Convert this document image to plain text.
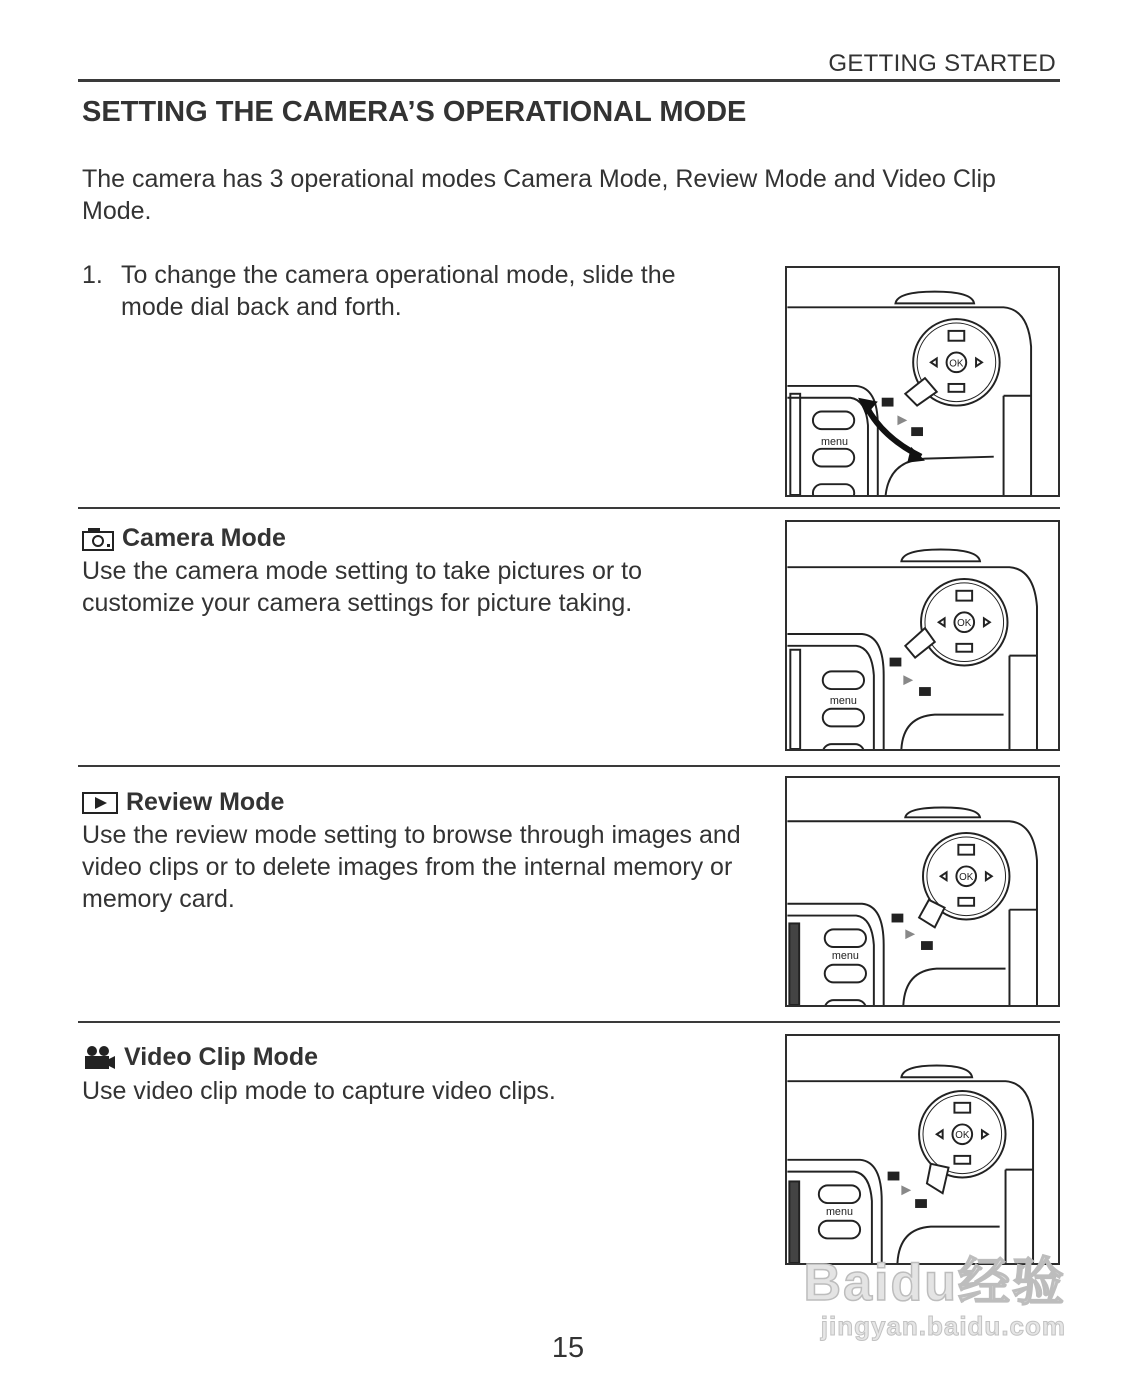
GETTING STARTED
SETTING THE CAMERA’S OPERATIONAL MODE
The camera has 3 operational modes Camera Mode, Review Mode and Video Clip Mode.
1. To change the camera operational mode, slide the mode dial back and forth.
OK
menu
Camera Mode
Use the camera mode setting to take pictures or to customize your camera settings for picture taking.
OK
menu
Review Mode
Use the review mode setting to browse through images and video clips or to delete images from the internal memory or memory card.
OK
menu
Video Clip Mode
Use video clip mode to capture video clips.
OK
menu
Baidu经验
jingyan.baidu.com
15
